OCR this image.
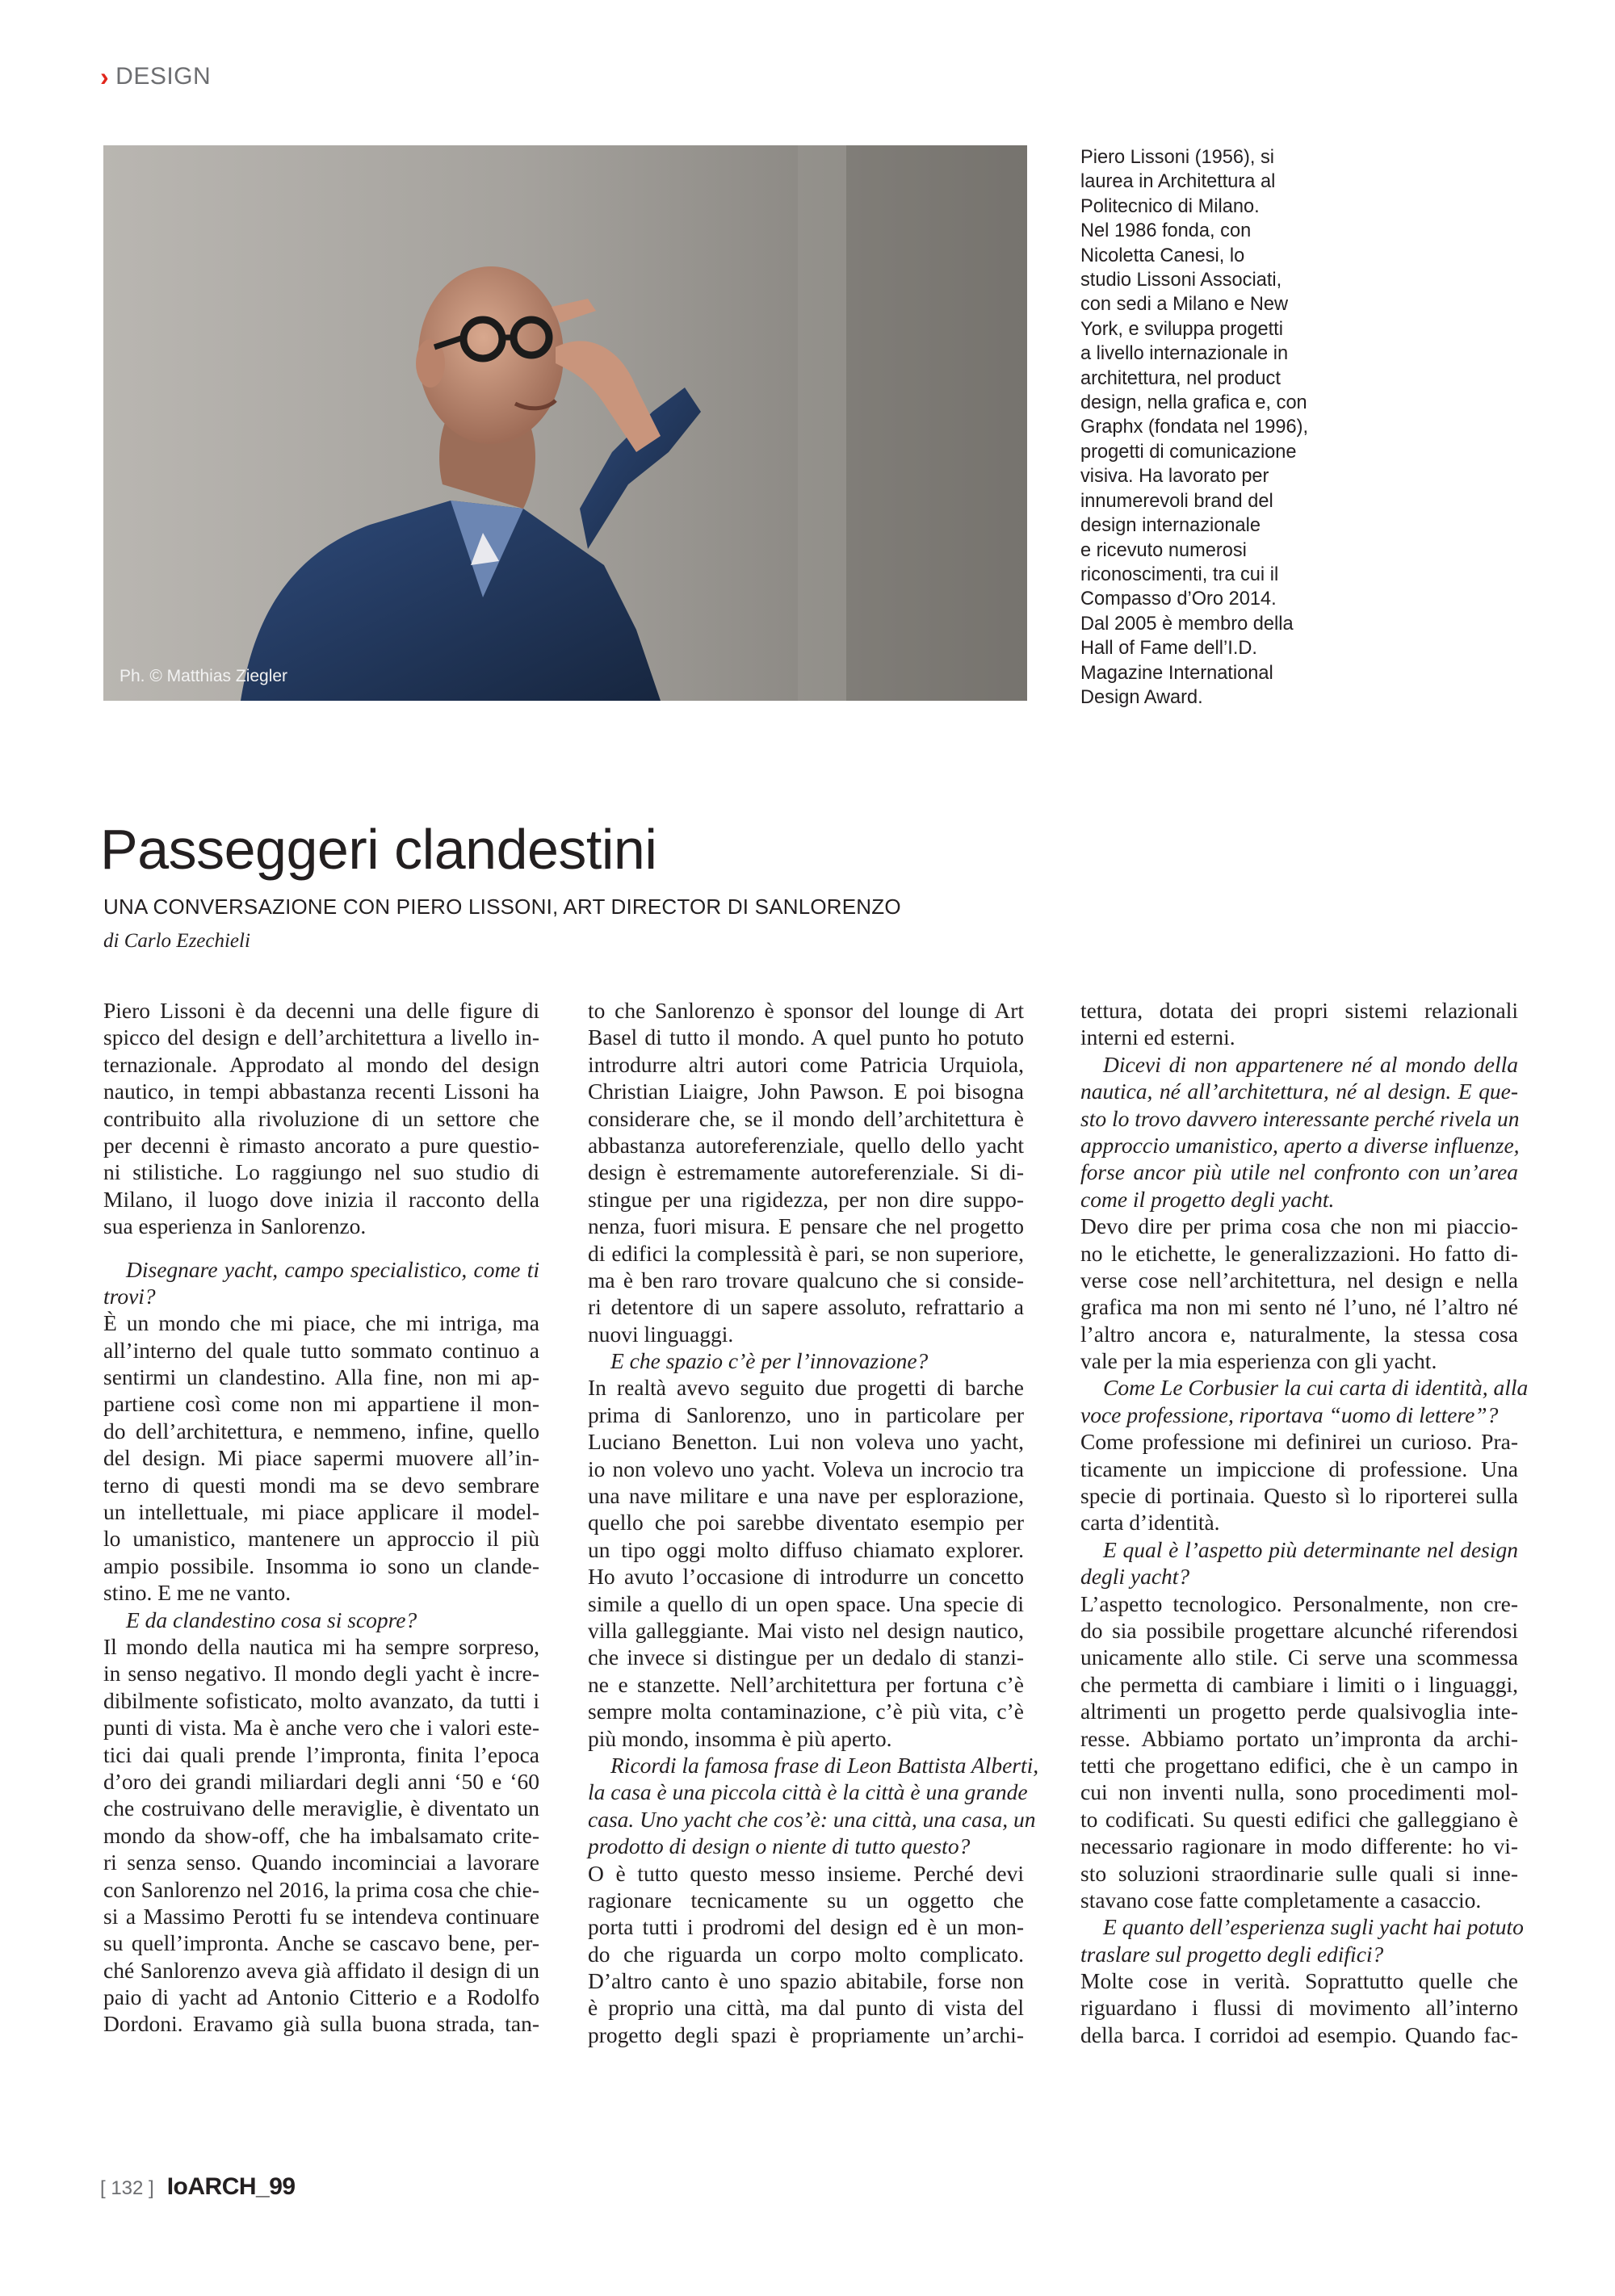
› DESIGN
Ph. © Matthias Ziegler
Piero Lissoni (1956), si
laurea in Architettura al
Politecnico di Milano.
Nel 1986 fonda, con
Nicoletta Canesi, lo
studio Lissoni Associati,
con sedi a Milano e New
York, e sviluppa progetti
a livello internazionale in
architettura, nel product
design, nella grafica e, con
Graphx (fondata nel 1996),
progetti di comunicazione
visiva. Ha lavorato per
innumerevoli brand del
design internazionale
e ricevuto numerosi
riconoscimenti, tra cui il
Compasso d’Oro 2014.
Dal 2005 è membro della
Hall of Fame dell’I.D.
Magazine International
Design Award.
Passeggeri clandestini
UNA CONVERSAZIONE CON PIERO LISSONI, ART DIRECTOR DI SANLORENZO
di Carlo Ezechieli
Piero Lissoni è da decenni una delle figure di
spicco del design e dell’architettura a livello in-
ternazionale. Approdato al mondo del design
nautico, in tempi abbastanza recenti Lissoni ha
contribuito alla rivoluzione di un settore che
per decenni è rimasto ancorato a pure questio-
ni stilistiche. Lo raggiungo nel suo studio di
Milano, il luogo dove inizia il racconto della
sua esperienza in Sanlorenzo.
Disegnare yacht, campo specialistico, come ti
trovi?
È un mondo che mi piace, che mi intriga, ma
all’interno del quale tutto sommato continuo a
sentirmi un clandestino. Alla fine, non mi ap-
partiene così come non mi appartiene il mon-
do dell’architettura, e nemmeno, infine, quello
del design. Mi piace sapermi muovere all’in-
terno di questi mondi ma se devo sembrare
un intellettuale, mi piace applicare il model-
lo umanistico, mantenere un approccio il più
ampio possibile. Insomma io sono un clande-
stino. E me ne vanto.
E da clandestino cosa si scopre?
Il mondo della nautica mi ha sempre sorpreso,
in senso negativo. Il mondo degli yacht è incre-
dibilmente sofisticato, molto avanzato, da tutti i
punti di vista. Ma è anche vero che i valori este-
tici dai quali prende l’impronta, finita l’epoca
d’oro dei grandi miliardari degli anni ‘50 e ‘60
che costruivano delle meraviglie, è diventato un
mondo da show-off, che ha imbalsamato crite-
ri senza senso. Quando incominciai a lavorare
con Sanlorenzo nel 2016, la prima cosa che chie-
si a Massimo Perotti fu se intendeva continuare
su quell’impronta. Anche se cascavo bene, per-
ché Sanlorenzo aveva già affidato il design di un
paio di yacht ad Antonio Citterio e a Rodolfo
Dordoni. Eravamo già sulla buona strada, tan-
to che Sanlorenzo è sponsor del lounge di Art
Basel di tutto il mondo. A quel punto ho potuto
introdurre altri autori come Patricia Urquiola,
Christian Liaigre, John Pawson. E poi bisogna
considerare che, se il mondo dell’architettura è
abbastanza autoreferenziale, quello dello yacht
design è estremamente autoreferenziale. Si di-
stingue per una rigidezza, per non dire suppo-
nenza, fuori misura. E pensare che nel progetto
di edifici la complessità è pari, se non superiore,
ma è ben raro trovare qualcuno che si conside-
ri detentore di un sapere assoluto, refrattario a
nuovi linguaggi.
E che spazio c’è per l’innovazione?
In realtà avevo seguito due progetti di barche
prima di Sanlorenzo, uno in particolare per
Luciano Benetton. Lui non voleva uno yacht,
io non volevo uno yacht. Voleva un incrocio tra
una nave militare e una nave per esplorazione,
quello che poi sarebbe diventato esempio per
un tipo oggi molto diffuso chiamato explorer.
Ho avuto l’occasione di introdurre un concetto
simile a quello di un open space. Una specie di
villa galleggiante. Mai visto nel design nautico,
che invece si distingue per un dedalo di stanzi-
ne e stanzette. Nell’architettura per fortuna c’è
sempre molta contaminazione, c’è più vita, c’è
più mondo, insomma è più aperto.
Ricordi la famosa frase di Leon Battista Alberti,
la casa è una piccola città è la città è una grande
casa. Uno yacht che cos’è: una città, una casa, un
prodotto di design o niente di tutto questo?
O è tutto questo messo insieme. Perché devi
ragionare tecnicamente su un oggetto che
porta tutti i prodromi del design ed è un mon-
do che riguarda un corpo molto complicato.
D’altro canto è uno spazio abitabile, forse non
è proprio una città, ma dal punto di vista del
progetto degli spazi è propriamente un’archi-
tettura, dotata dei propri sistemi relazionali
interni ed esterni.
Dicevi di non appartenere né al mondo della
nautica, né all’architettura, né al design. E que-
sto lo trovo davvero interessante perché rivela un
approccio umanistico, aperto a diverse influenze,
forse ancor più utile nel confronto con un’area
come il progetto degli yacht.
Devo dire per prima cosa che non mi piaccio-
no le etichette, le generalizzazioni. Ho fatto di-
verse cose nell’architettura, nel design e nella
grafica ma non mi sento né l’uno, né l’altro né
l’altro ancora e, naturalmente, la stessa cosa
vale per la mia esperienza con gli yacht.
Come Le Corbusier la cui carta di identità, alla
voce professione, riportava “uomo di lettere”?
Come professione mi definirei un curioso. Pra-
ticamente un impiccione di professione. Una
specie di portinaia. Questo sì lo riporterei sulla
carta d’identità.
E qual è l’aspetto più determinante nel design
degli yacht?
L’aspetto tecnologico. Personalmente, non cre-
do sia possibile progettare alcunché riferendosi
unicamente allo stile. Ci serve una scommessa
che permetta di cambiare i limiti o i linguaggi,
altrimenti un progetto perde qualsivoglia inte-
resse. Abbiamo portato un’impronta da archi-
tetti che progettano edifici, che è un campo in
cui non inventi nulla, sono procedimenti mol-
to codificati. Su questi edifici che galleggiano è
necessario ragionare in modo differente: ho vi-
sto soluzioni straordinarie sulle quali si inne-
stavano cose fatte completamente a casaccio.
E quanto dell’esperienza sugli yacht hai potuto
traslare sul progetto degli edifici?
Molte cose in verità. Soprattutto quelle che
riguardano i flussi di movimento all’interno
della barca. I corridoi ad esempio. Quando fac-
[ 132 ] IoARCH_99
